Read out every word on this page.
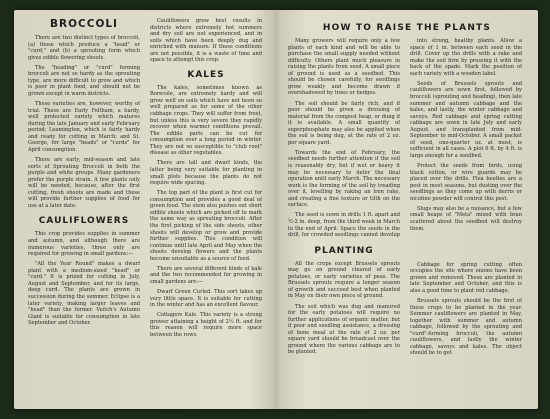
BROCCOLI

There are two distinct types of broccoli, (a) those which produce a "head" or "curd," and (b) a sprouting form which gives edible flowering shoots.

The "heading" or "curd" forming broccoli are not so hardy as the sprouting type, are more difficult to grow and which is poor in plant food, and should not be grown except in warm districts.

These varieties are, however, worthy of trial. These are Early Feltham, a hardy, well protected variety which matures during the late January and early February period; Leamington, which is fairly hardy and ready for cutting in March; and St. George, for large "heads" or "curds" for April consumption.

There are early, mid-season and late sorts of Sprouting Broccoli in both the purple and white groups. Many gardeners prefer the purple strain. A few plants only will be needed, because, after the first cutting, fresh shoots are made and these will provide further supplies of food for use at a later date.

CAULIFLOWERS

This crop provides supplies in summer and autumn, and although there are numerous varieties, three only are required for growing in small gardens:—

"All the Year Round" makes a dwarf plant with a medium-sized "head" or "curd." It is prized for cutting in July, August and September, and for its large, deep curd. The plants are grown in succession during the summer. Eclipse is a later variety, making larger leaves and "head" than the former. Veitch's Autumn Giant is suitable for consumption in late September and October.

Cauliflowers grow best results in districts where extremely hot summers and dry soil are not experienced, and in soils which have been deeply dug and enriched with manure. If these conditions are not possible, it is a waste of time and space to attempt this crop.

KALES

The kales, sometimes known as Borecole, are extremely hardy and will grow well on soils which have not been so well prepared as for some of the other cabbage crops. They will suffer from frost, but unless this is very severe they rapidly recover when warmer conditions prevail. The edible parts can be cut for consumption over a long period in winter. They are not so susceptible to "club root" disease as other vegetables.

There are tall and dwarf kinds, the latter being very suitable for planting in small plots because the plants do not require wide spacing.

The top part of the plant is first cut for consumption and provides a good deal of green food. The stem also pushes out short edible shoots which are picked off to mark the same way as sprouting broccoli. After the first picking of the side shoots, other shoots will develop or grow and provide further supplies. This condition will continue until late April and May when the shoots develop flowers and the plants become unsuitable as a source of food.

There are several different kinds of kale and the two recommended for growing in small gardens are:—

Dwarf Green Curled. This sort takes up very little space. It is suitable for cutting in the winter and has an excellent flavour.

Cottagers Kale. This variety is a strong grower attaining a height of 2½ ft. and for this reason will require more space between the rows.

HOW TO RAISE THE PLANTS

Many growers will require only a few plants of each kind and will be able to purchase the small supply needed without difficulty. Others plant much pleasure in raising the plants from seed. A small piece of ground is used as a seedbed. This should be chosen carefully, for seedlings grow weakly and become drawn if overshadowed by trees or hedges.

The soil should be fairly rich, and if poor should be given a dressing of material from the compost heap, or dung if it is available. A small quantity of superphosphate may also be applied when the soil is being dug, at the rate of 2 oz. per square yard.

Towards the end of February, the seedbed needs further attention if the soil is reasonably dry, but if wet or heavy it may be necessary to defer the final operation until early March. The necessary work is the forming of the soil by treading over it, levelling by raking an iron rake, and creating a fine texture or tilth on the surface.

The seed is sown in drills 1 ft. apart and ½-2 in. deep, from the third week in March to the end of April. Space the seeds in the drill, for crowded seedlings cannot develop

PLANTING

All the crops except Brussels sprouts may go on ground cleared of early potatoes, or early varieties of peas. The Brussels sprouts require a longer season of growth and succeed best when planted in May on their own piece of ground.

The soil which was dug and manured for the early potatoes will require no further applications of organic matter, but if poor and seedling assistance, a dressing of bone meal at the rate of 2 oz. per square yard should be broadcast over the ground where the various cabbage are to be planted.

into strong, healthy plants. Allow a space of 1 in. between each seed in the drill. Cover up the drills with a rake and make the soil firm by pressing it with the back of the spade. Mark the position of each variety with a wooden label.

Seeds of Brussels sprouts and cauliflowers are sown first, followed by broccoli (sprouting and heading), then late summer and autumn cabbage and the kales, and lastly, the winter cabbage and savoys. Red cabbage and spring cutting cabbage are sown in late July and early August, and transplanted from mid-September to mid-October. A small packet of seed, one-quarter oz. at most, is sufficient in all cases. A plot 6 ft. by 4 ft. is large enough for a seedbed.

Protect the seeds from birds, using black cotton, or wire guards may be placed over the drills. Flea beetles are a pest in most seasons, but dusting over the seedlings as they come up with derris or nicotine powder will control this pest.

Slugs may also be a nuisance, but a few small heaps of "Meta" mixed with bran scattered about the seedbed will destroy them.

Cabbage for spring cutting often occupies the site where onions have been grown and removed. These are planted in late September and October, and this is also a good time to plant red cabbage.

Brussels sprouts should be the first of these crops to be planted in the year. Summer cauliflowers are planted in May, together with summer and autumn cabbage, followed by the sprouting and "curd"-forming broccoli, the autumn cauliflowers, and lastly the winter cabbage, savoys and kales. The object should be to get
